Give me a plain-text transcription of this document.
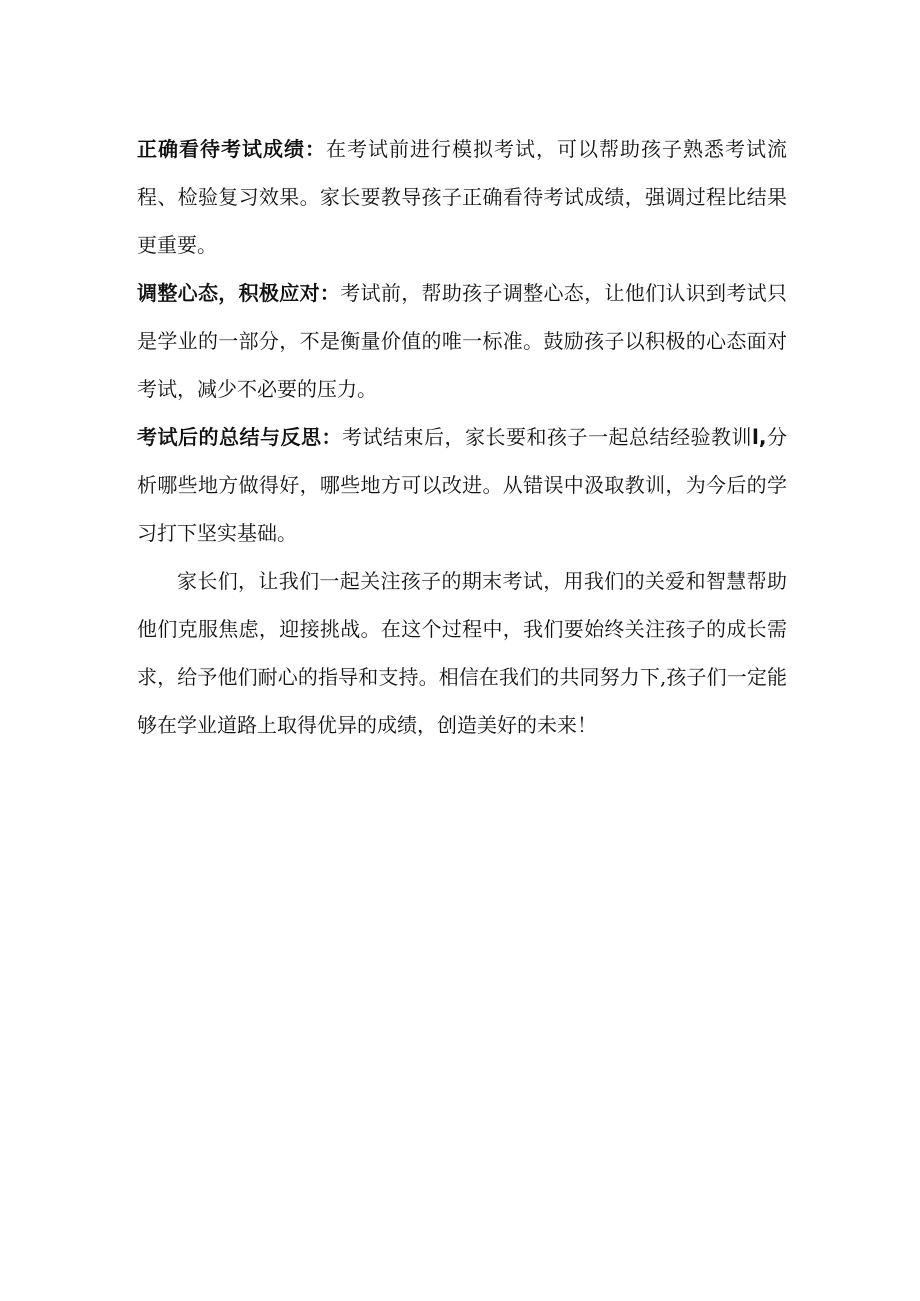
正确看待考试成绩：在考试前进行模拟考试，可以帮助孩子熟悉考试流程、检验复习效果。家长要教导孩子正确看待考试成绩，强调过程比结果更重要。

调整心态，积极应对：考试前，帮助孩子调整心态，让他们认识到考试只是学业的一部分，不是衡量价值的唯一标准。鼓励孩子以积极的心态面对考试，减少不必要的压力。

考试后的总结与反思：考试结束后，家长要和孩子一起总结经验教训l,分析哪些地方做得好，哪些地方可以改进。从错误中汲取教训，为今后的学习打下坚实基础。

家长们，让我们一起关注孩子的期末考试，用我们的关爱和智慧帮助他们克服焦虑，迎接挑战。在这个过程中，我们要始终关注孩子的成长需求，给予他们耐心的指导和支持。相信在我们的共同努力下,孩子们一定能够在学业道路上取得优异的成绩，创造美好的未来！
